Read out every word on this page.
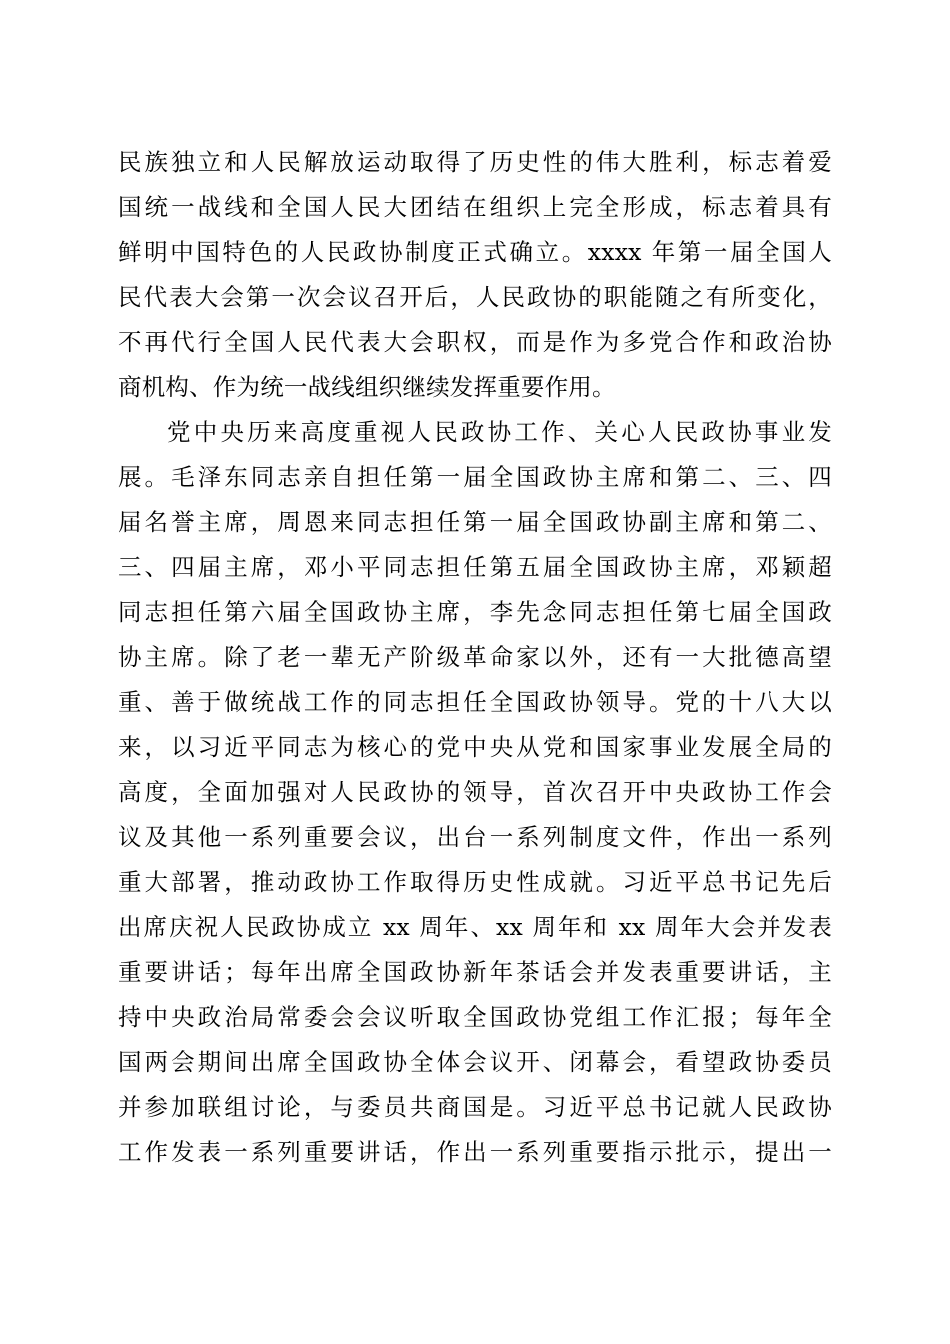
民族独立和人民解放运动取得了历史性的伟大胜利，标志着爱
国统一战线和全国人民大团结在组织上完全形成，标志着具有
鲜明中国特色的人民政协制度正式确立。xxxx 年第一届全国人
民代表大会第一次会议召开后，人民政协的职能随之有所变化，
不再代行全国人民代表大会职权，而是作为多党合作和政治协
商机构、作为统一战线组织继续发挥重要作用。
党中央历来高度重视人民政协工作、关心人民政协事业发
展。毛泽东同志亲自担任第一届全国政协主席和第二、三、四
届名誉主席，周恩来同志担任第一届全国政协副主席和第二、
三、四届主席，邓小平同志担任第五届全国政协主席，邓颖超
同志担任第六届全国政协主席，李先念同志担任第七届全国政
协主席。除了老一辈无产阶级革命家以外，还有一大批德高望
重、善于做统战工作的同志担任全国政协领导。党的十八大以
来，以习近平同志为核心的党中央从党和国家事业发展全局的
高度，全面加强对人民政协的领导，首次召开中央政协工作会
议及其他一系列重要会议，出台一系列制度文件，作出一系列
重大部署，推动政协工作取得历史性成就。习近平总书记先后
出席庆祝人民政协成立 xx 周年、xx 周年和 xx 周年大会并发表
重要讲话；每年出席全国政协新年茶话会并发表重要讲话，主
持中央政治局常委会会议听取全国政协党组工作汇报；每年全
国两会期间出席全国政协全体会议开、闭幕会，看望政协委员
并参加联组讨论，与委员共商国是。习近平总书记就人民政协
工作发表一系列重要讲话，作出一系列重要指示批示，提出一
